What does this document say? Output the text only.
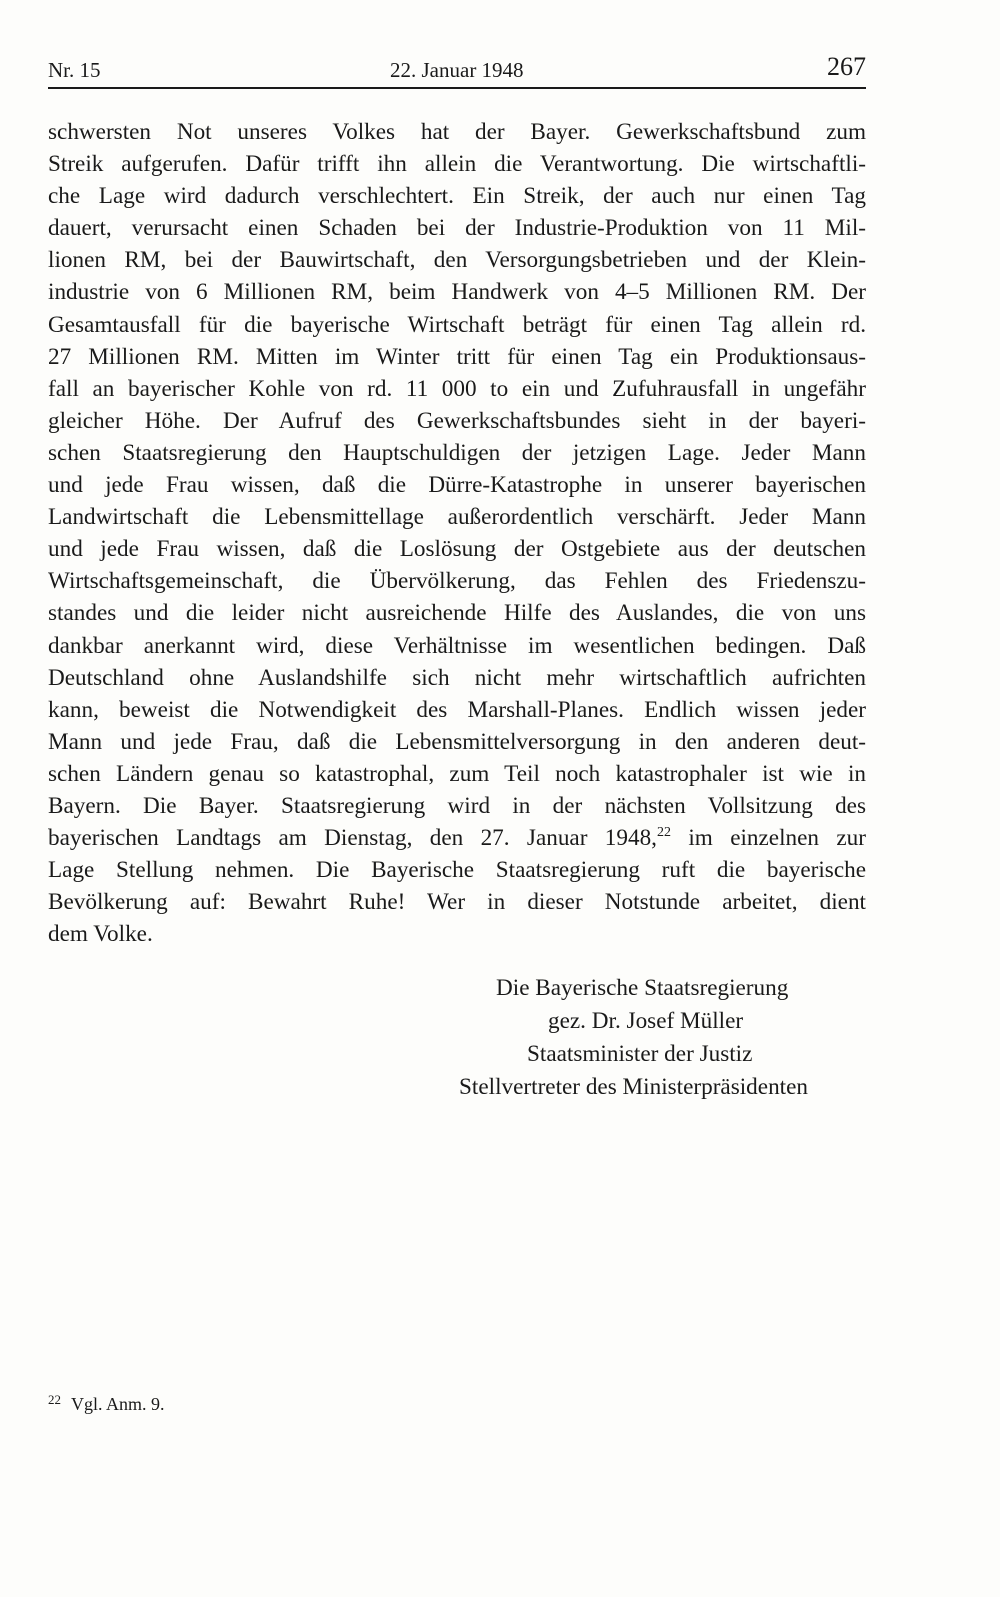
Nr. 15	22. Januar 1948	267
schwersten Not unseres Volkes hat der Bayer. Gewerkschaftsbund zum
Streik aufgerufen. Dafür trifft ihn allein die Verantwortung. Die wirtschaftli-
che Lage wird dadurch verschlechtert. Ein Streik, der auch nur einen Tag
dauert, verursacht einen Schaden bei der Industrie-Produktion von 11 Mil-
lionen RM, bei der Bauwirtschaft, den Versorgungsbetrieben und der Klein-
industrie von 6 Millionen RM, beim Handwerk von 4–5 Millionen RM. Der
Gesamtausfall für die bayerische Wirtschaft beträgt für einen Tag allein rd.
27 Millionen RM. Mitten im Winter tritt für einen Tag ein Produktionsaus-
fall an bayerischer Kohle von rd. 11 000 to ein und Zufuhrausfall in ungefähr
gleicher Höhe. Der Aufruf des Gewerkschaftsbundes sieht in der bayeri-
schen Staatsregierung den Hauptschuldigen der jetzigen Lage. Jeder Mann
und jede Frau wissen, daß die Dürre-Katastrophe in unserer bayerischen
Landwirtschaft die Lebensmittellage außerordentlich verschärft. Jeder Mann
und jede Frau wissen, daß die Loslösung der Ostgebiete aus der deutschen
Wirtschaftsgemeinschaft, die Übervölkerung, das Fehlen des Friedenszu-
standes und die leider nicht ausreichende Hilfe des Auslandes, die von uns
dankbar anerkannt wird, diese Verhältnisse im wesentlichen bedingen. Daß
Deutschland ohne Auslandshilfe sich nicht mehr wirtschaftlich aufrichten
kann, beweist die Notwendigkeit des Marshall-Planes. Endlich wissen jeder
Mann und jede Frau, daß die Lebensmittelversorgung in den anderen deut-
schen Ländern genau so katastrophal, zum Teil noch katastrophaler ist wie in
Bayern. Die Bayer. Staatsregierung wird in der nächsten Vollsitzung des
bayerischen Landtags am Dienstag, den 27. Januar 1948,22 im einzelnen zur
Lage Stellung nehmen. Die Bayerische Staatsregierung ruft die bayerische
Bevölkerung auf: Bewahrt Ruhe! Wer in dieser Notstunde arbeitet, dient
dem Volke.
Die Bayerische Staatsregierung
gez. Dr. Josef Müller
Staatsminister der Justiz
Stellvertreter des Ministerpräsidenten
$^{22}$ Vgl. Anm. 9.
